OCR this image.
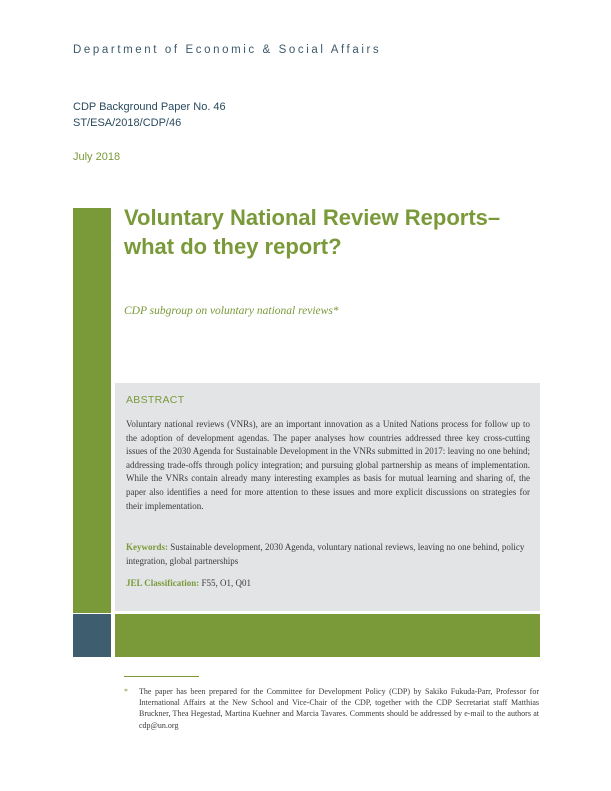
Department of Economic & Social Affairs
CDP Background Paper No. 46
ST/ESA/2018/CDP/46
July 2018
Voluntary National Review Reports– what do they report?
CDP subgroup on voluntary national reviews*
ABSTRACT

Voluntary national reviews (VNRs), are an important innovation as a United Nations process for follow up to the adoption of development agendas. The paper analyses how countries addressed three key cross-cutting issues of the 2030 Agenda for Sustainable Development in the VNRs submitted in 2017: leaving no one behind; addressing trade-offs through policy integration; and pursuing global partnership as means of implementation. While the VNRs contain already many interesting examples as basis for mutual learning and sharing of, the paper also identifies a need for more attention to these issues and more explicit discussions on strategies for their implementation.

Keywords: Sustainable development, 2030 Agenda, voluntary national reviews, leaving no one behind, policy integration, global partnerships

JEL Classification: F55, O1, Q01

* The paper has been prepared for the Committee for Development Policy (CDP) by Sakiko Fukuda-Parr, Professor for International Affairs at the New School and Vice-Chair of the CDP, together with the CDP Secretariat staff Matthias Bruckner, Thea Hegestad, Martina Kuehner and Marcia Tavares. Comments should be addressed by e-mail to the authors at cdp@un.org
